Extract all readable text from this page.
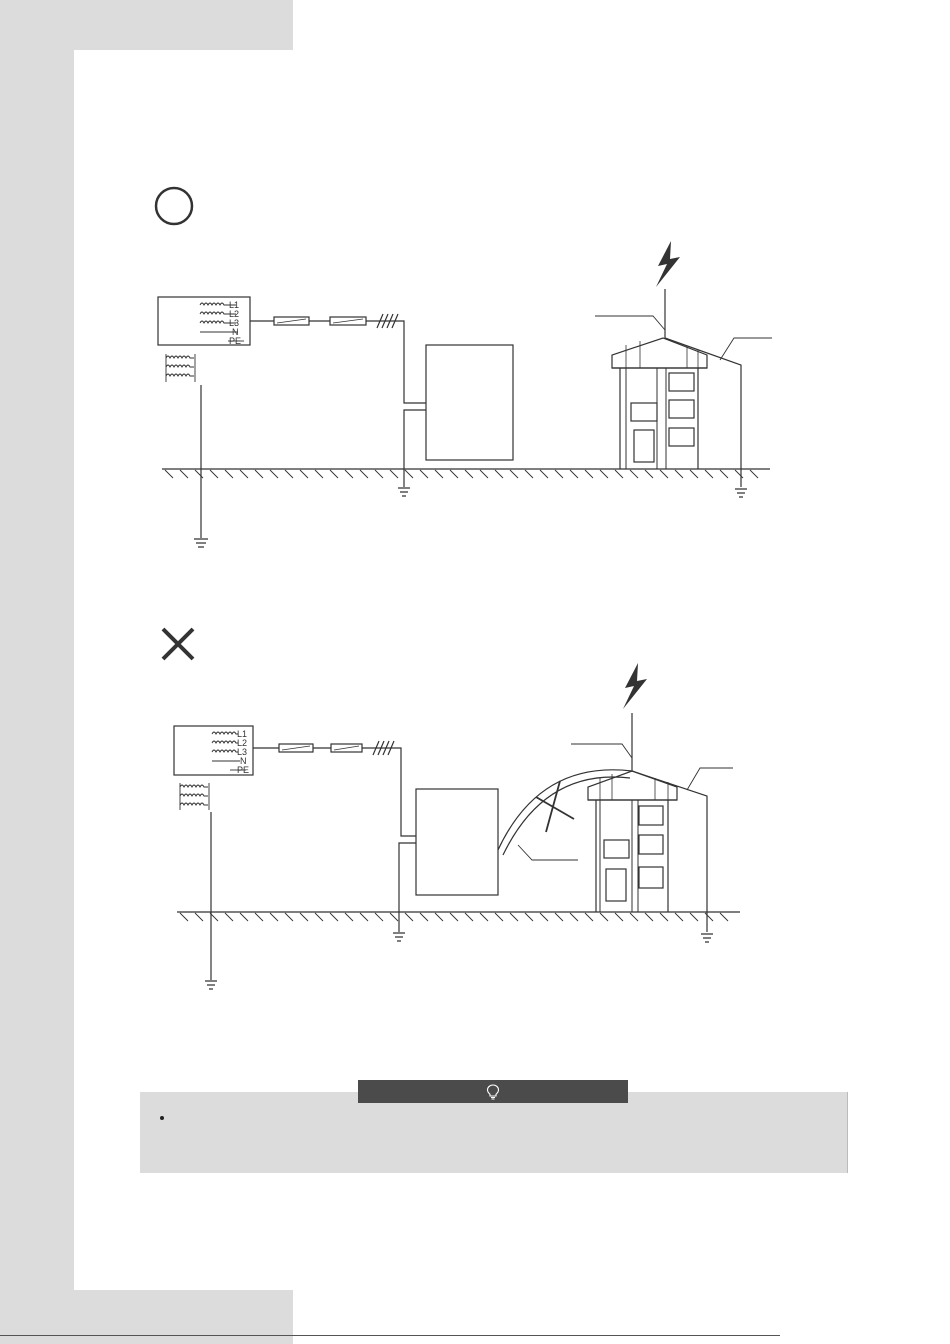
L1
L2
L3
N
PE
L1
L2
L3
N
PE
